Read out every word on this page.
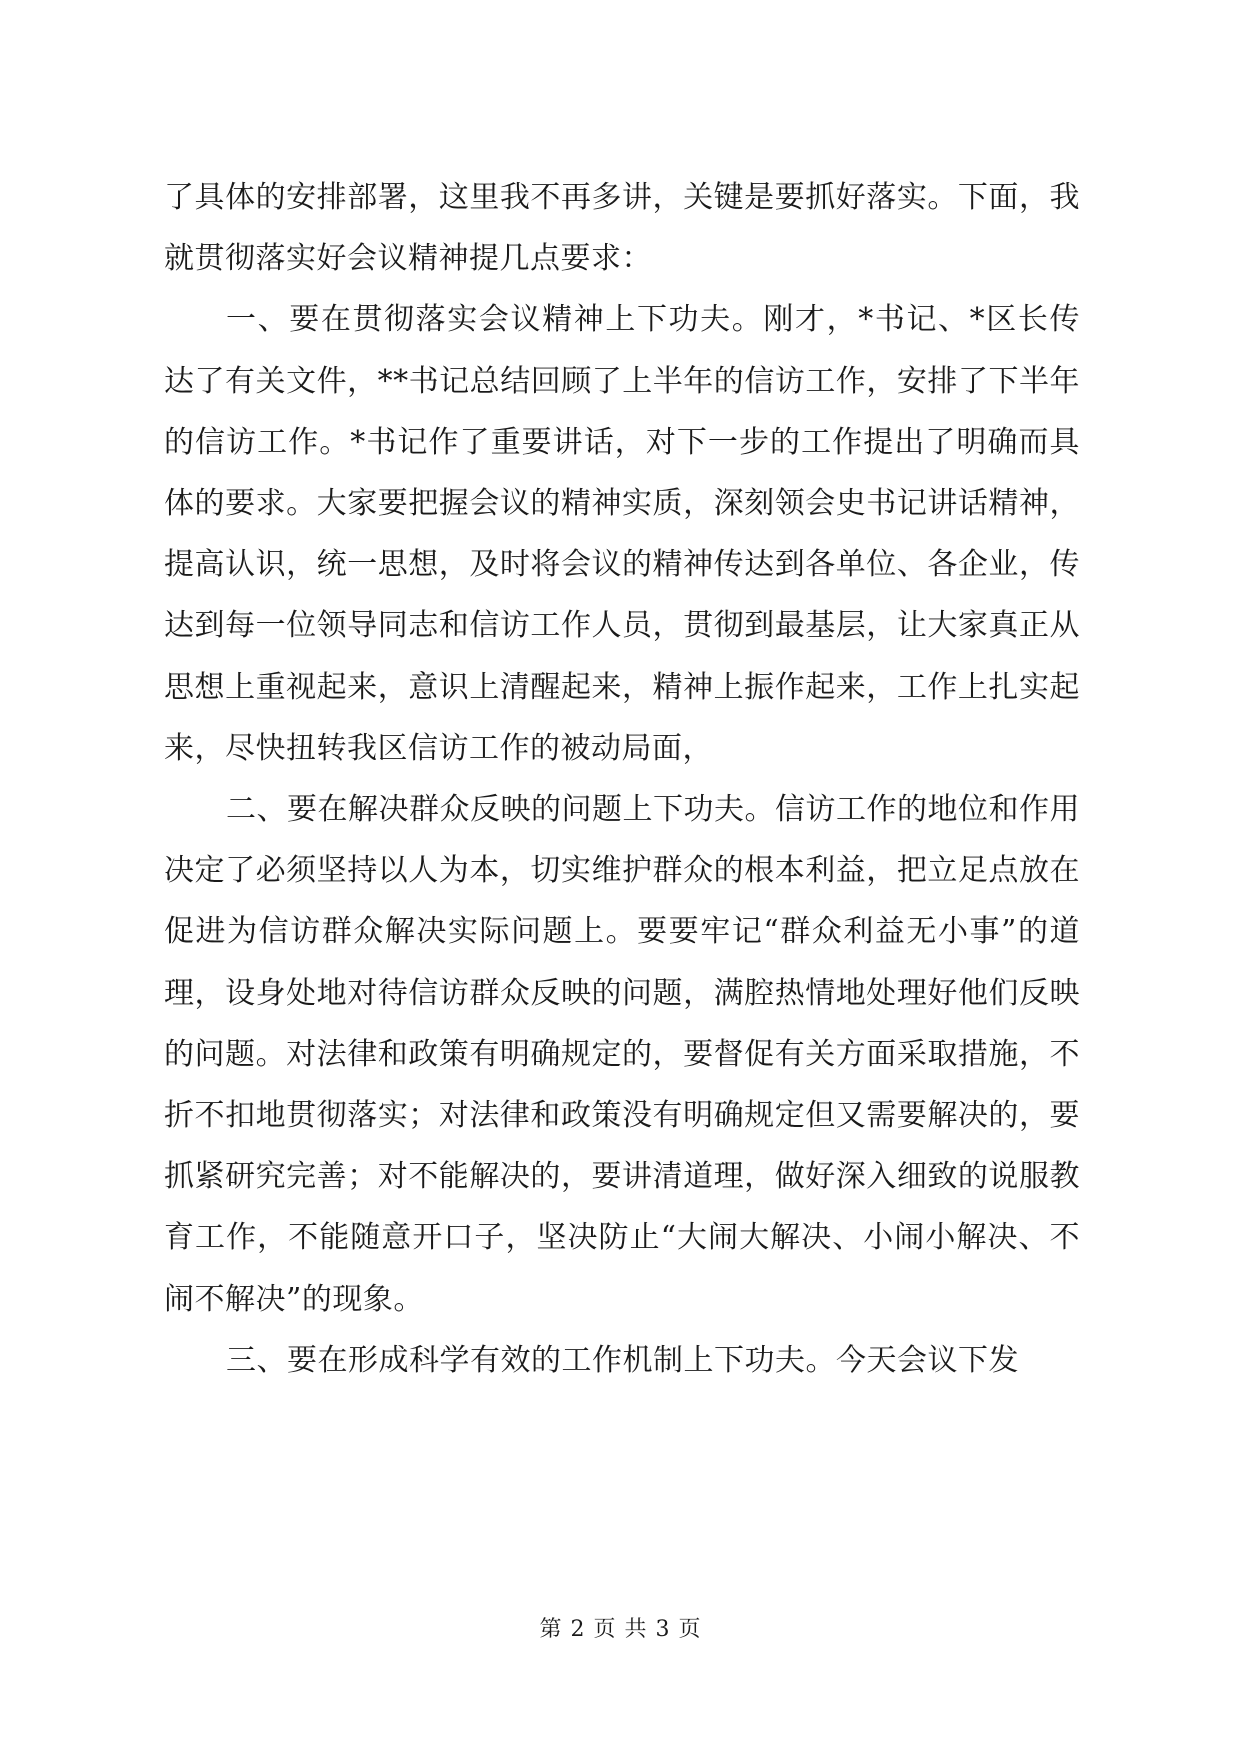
了具体的安排部署，这里我不再多讲，关键是要抓好落实。下面，我就贯彻落实好会议精神提几点要求：

一、要在贯彻落实会议精神上下功夫。刚才，*书记、*区长传达了有关文件，**书记总结回顾了上半年的信访工作，安排了下半年的信访工作。*书记作了重要讲话，对下一步的工作提出了明确而具体的要求。大家要把握会议的精神实质，深刻领会史书记讲话精神，提高认识，统一思想，及时将会议的精神传达到各单位、各企业，传达到每一位领导同志和信访工作人员，贯彻到最基层，让大家真正从思想上重视起来，意识上清醒起来，精神上振作起来，工作上扎实起来，尽快扭转我区信访工作的被动局面，

二、要在解决群众反映的问题上下功夫。信访工作的地位和作用决定了必须坚持以人为本，切实维护群众的根本利益，把立足点放在促进为信访群众解决实际问题上。要要牢记“群众利益无小事”的道理，设身处地对待信访群众反映的问题，满腔热情地处理好他们反映的问题。对法律和政策有明确规定的，要督促有关方面采取措施，不折不扣地贯彻落实；对法律和政策没有明确规定但又需要解决的，要抓紧研究完善；对不能解决的，要讲清道理，做好深入细致的说服教育工作，不能随意开口子，坚决防止“大闹大解决、小闹小解决、不闹不解决”的现象。

三、要在形成科学有效的工作机制上下功夫。今天会议下发

第 2 页 共 3 页
